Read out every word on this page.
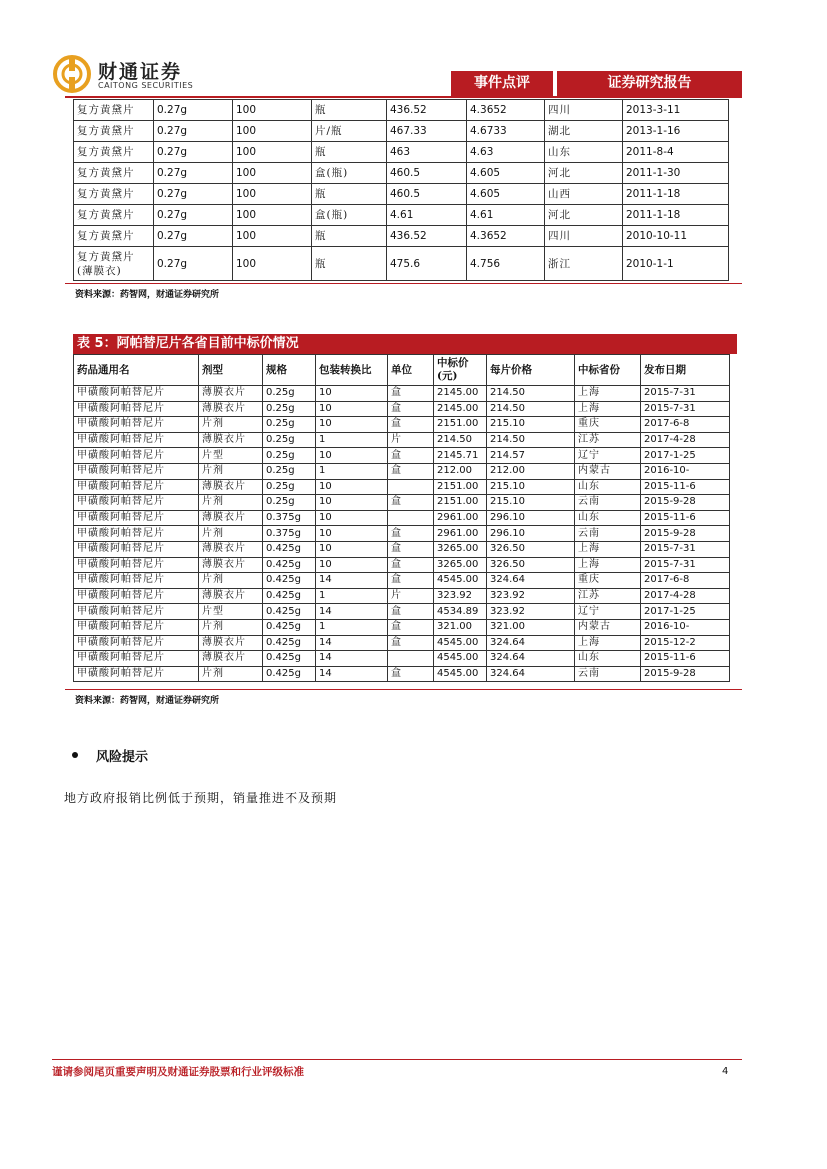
财通证券
CAITONG SECURITIES	事件点评	证券研究报告
复方黄黛片	0.27g	100	瓶	436.52	4.3652	四川	2013-3-11
复方黄黛片	0.27g	100	片/瓶	467.33	4.6733	湖北	2013-1-16
复方黄黛片	0.27g	100	瓶	463	4.63	山东	2011-8-4
复方黄黛片	0.27g	100	盒(瓶)	460.5	4.605	河北	2011-1-30
复方黄黛片	0.27g	100	瓶	460.5	4.605	山西	2011-1-18
复方黄黛片	0.27g	100	盒(瓶)	4.61	4.61	河北	2011-1-18
复方黄黛片	0.27g	100	瓶	436.52	4.3652	四川	2010-10-11
复方黄黛片(薄膜衣)	0.27g	100	瓶	475.6	4.756	浙江	2010-1-1
资料来源：药智网，财通证券研究所
表 5：阿帕替尼片各省目前中标价情况
药品通用名	剂型	规格	包装转换比	单位	中标价(元)	每片价格	中标省份	发布日期
甲磺酸阿帕替尼片	薄膜衣片	0.25g	10	盒	2145.00	214.50	上海	2015-7-31
甲磺酸阿帕替尼片	薄膜衣片	0.25g	10	盒	2145.00	214.50	上海	2015-7-31
甲磺酸阿帕替尼片	片剂	0.25g	10	盒	2151.00	215.10	重庆	2017-6-8
甲磺酸阿帕替尼片	薄膜衣片	0.25g	1	片	214.50	214.50	江苏	2017-4-28
甲磺酸阿帕替尼片	片型	0.25g	10	盒	2145.71	214.57	辽宁	2017-1-25
甲磺酸阿帕替尼片	片剂	0.25g	1	盒	212.00	212.00	内蒙古	2016-10-
甲磺酸阿帕替尼片	薄膜衣片	0.25g	10		2151.00	215.10	山东	2015-11-6
甲磺酸阿帕替尼片	片剂	0.25g	10	盒	2151.00	215.10	云南	2015-9-28
甲磺酸阿帕替尼片	薄膜衣片	0.375g	10		2961.00	296.10	山东	2015-11-6
甲磺酸阿帕替尼片	片剂	0.375g	10	盒	2961.00	296.10	云南	2015-9-28
甲磺酸阿帕替尼片	薄膜衣片	0.425g	10	盒	3265.00	326.50	上海	2015-7-31
甲磺酸阿帕替尼片	薄膜衣片	0.425g	10	盒	3265.00	326.50	上海	2015-7-31
甲磺酸阿帕替尼片	片剂	0.425g	14	盒	4545.00	324.64	重庆	2017-6-8
甲磺酸阿帕替尼片	薄膜衣片	0.425g	1	片	323.92	323.92	江苏	2017-4-28
甲磺酸阿帕替尼片	片型	0.425g	14	盒	4534.89	323.92	辽宁	2017-1-25
甲磺酸阿帕替尼片	片剂	0.425g	1	盒	321.00	321.00	内蒙古	2016-10-
甲磺酸阿帕替尼片	薄膜衣片	0.425g	14	盒	4545.00	324.64	上海	2015-12-2
甲磺酸阿帕替尼片	薄膜衣片	0.425g	14		4545.00	324.64	山东	2015-11-6
甲磺酸阿帕替尼片	片剂	0.425g	14	盒	4545.00	324.64	云南	2015-9-28
资料来源：药智网，财通证券研究所
风险提示
地方政府报销比例低于预期，销量推进不及预期
谨请参阅尾页重要声明及财通证券股票和行业评级标准	4
